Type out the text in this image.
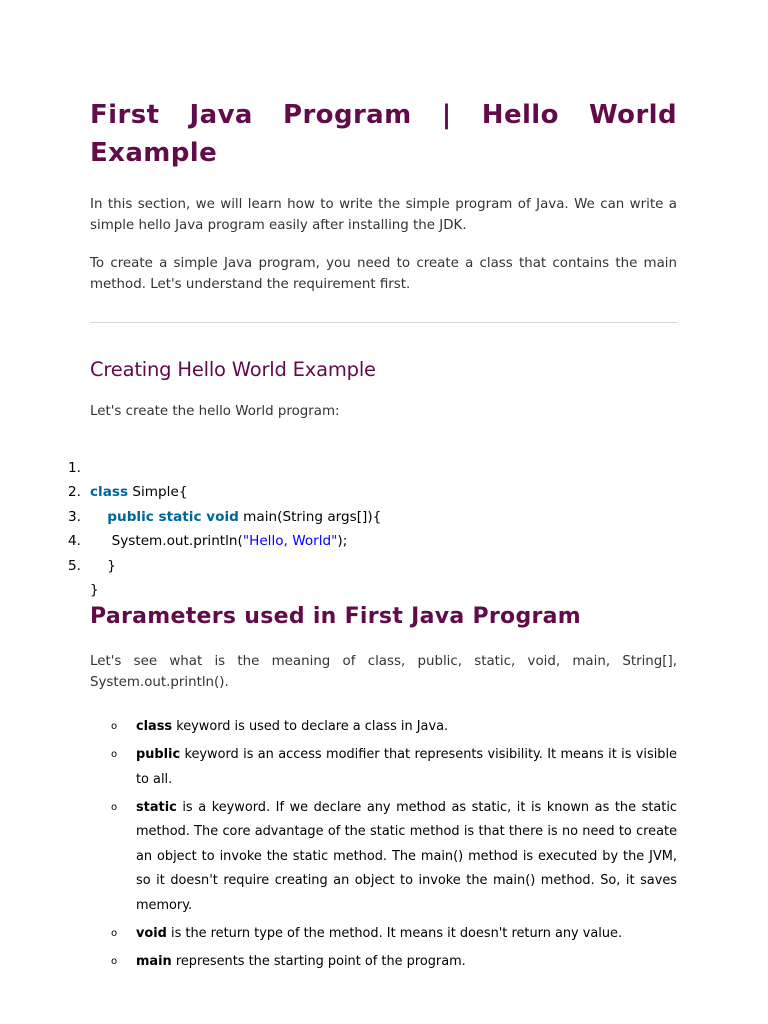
First Java Program | Hello World
Example

In this section, we will learn how to write the simple program of Java. We can write a simple hello Java program easily after installing the JDK.

To create a simple Java program, you need to create a class that contains the main method. Let's understand the requirement first.

Creating Hello World Example

Let's create the hello World program:

1.

class Simple{

2.

public static void main(String args[]){

3.

System.out.println("Hello, World");

4.

}

5.

}

Parameters used in First Java Program

Let's see what is the meaning of class, public, static, void, main, String[],
System.out.println().

o class keyword is used to declare a class in Java.
o public keyword is an access modifier that represents visibility. It means it is visible to all.
o static is a keyword. If we declare any method as static, it is known as the static method. The core advantage of the static method is that there is no need to create an object to invoke the static method. The main() method is executed by the JVM, so it doesn't require creating an object to invoke the main() method. So, it saves memory.
o void is the return type of the method. It means it doesn't return any value.
o main represents the starting point of the program.
